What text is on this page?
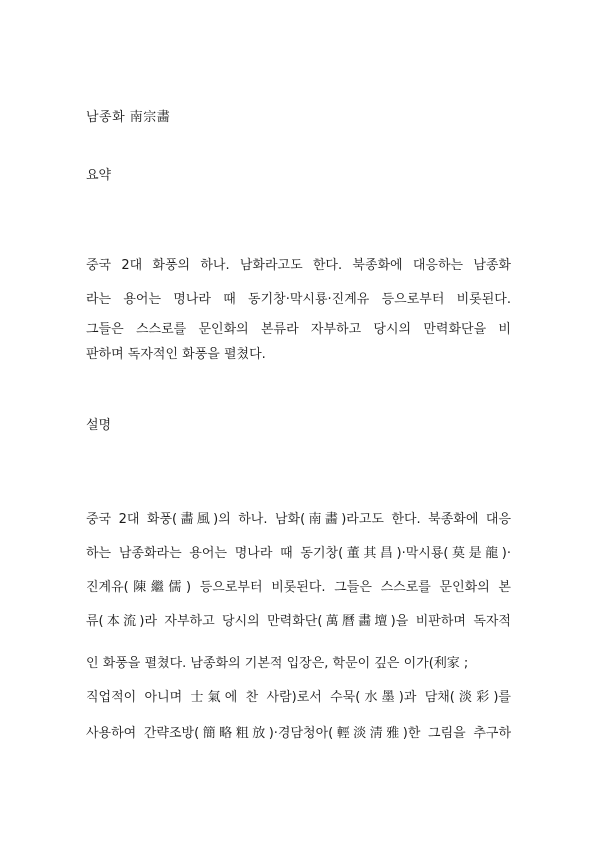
남종화 南宗畵
요약
중국 2대 화풍의 하나. 남화라고도 한다. 북종화에 대응하는 남종화
라는 용어는 명나라 때 동기창·막시룡·진계유 등으로부터 비롯된다.
그들은 스스로를 문인화의 본류라 자부하고 당시의 만력화단을 비
판하며 독자적인 화풍을 펼쳤다.
설명
중국 2대 화풍(畵風)의 하나. 남화(南畵)라고도 한다. 북종화에 대응
하는 남종화라는 용어는 명나라 때 동기창(董其昌)·막시룡(莫是龍)·
진계유(陳繼儒) 등으로부터 비롯된다. 그들은 스스로를 문인화의 본
류(本流)라 자부하고 당시의 만력화단(萬曆畵壇)을 비판하며 독자적
인 화풍을 펼쳤다. 남종화의 기본적 입장은, 학문이 깊은 이가(利家 ;
직업적이 아니며 士氣에 찬 사람)로서 수묵(水墨)과 담채(淡彩)를
사용하여 간략조방(簡略粗放)·경담청아(輕淡淸雅)한 그림을 추구하
